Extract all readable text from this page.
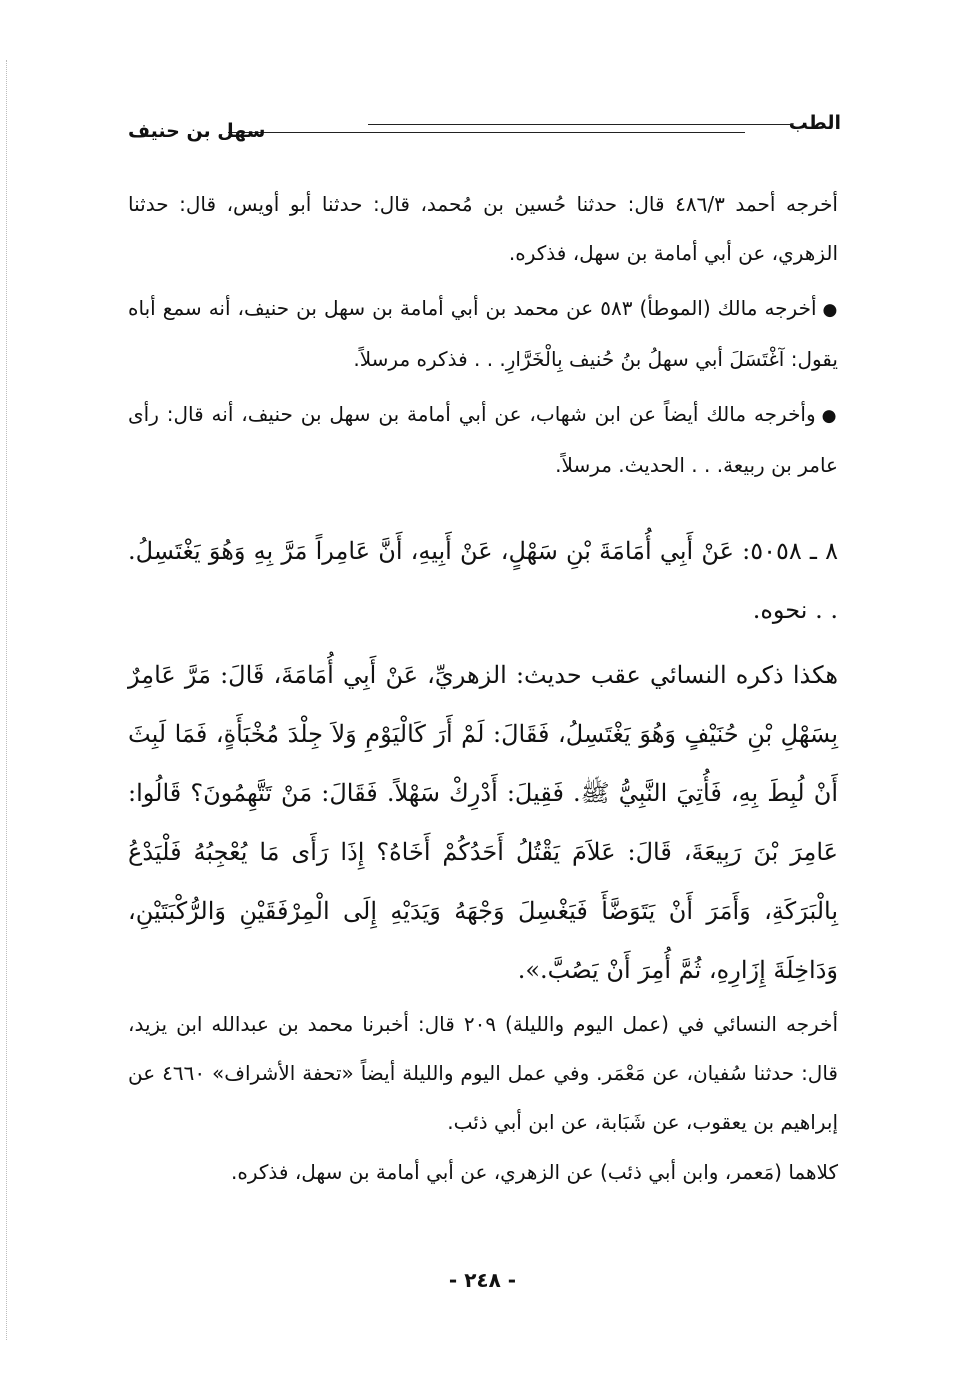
الطب
سهل بن حنيف
أخرجه أحمد ٤٨٦/٣ قال: حدثنا حُسين بن مُحمد، قال: حدثنا أبو أويس، قال: حدثنا الزهري، عن أبي أمامة بن سهل، فذكره.
●أخرجه مالك (الموطأ) ٥٨٣ عن محمد بن أبي أمامة بن سهل بن حنيف، أنه سمع أباه يقول: آغْتَسَلَ أبي سهلُ بنُ حُنيف بِالْخَرَّارِ. . . فذكره مرسلاً.
●وأخرجه مالك أيضاً عن ابن شهاب، عن أبي أمامة بن سهل بن حنيف، أنه قال: رأى عامر بن ربيعة. . . الحديث. مرسلاً.
٨ ـ ٥٠٥٨: عَنْ أَبِي أُمَامَةَ بْنِ سَهْلٍ، عَنْ أَبِيهِ، أَنَّ عَامِراً مَرَّ بِهِ وَهُوَ يَغْتَسِلُ. . . نحوه.
هكذا ذكره النسائي عقب حديث: الزهريِّ، عَنْ أَبِي أُمَامَةَ، قَالَ: مَرَّ عَامِرٌ بِسَهْلِ بْنِ حُنَيْفٍ وَهُوَ يَغْتَسِلُ، فَقَالَ: لَمْ أَرَ كَالْيَوْمِ وَلاَ جِلْدَ مُخْبَأَةٍ، فَمَا لَبِثَ أَنْ لُبِطَ بِهِ، فَأُتِيَ النَّبِيُّ ﷺ. فَقِيلَ: أَدْرِكْ سَهْلاً. فَقَالَ: مَنْ تَتَّهِمُونَ؟ قَالُوا: عَامِرَ بْنَ رَبِيعَةَ، قَالَ: عَلاَمَ يَقْتُلُ أَحَدُكُمْ أَخَاهُ؟ إِذَا رَأَى مَا يُعْجِبُهُ فَلْيَدْعُ بِالْبَرَكَةِ، وَأَمَرَ أَنْ يَتَوَضَّأَ فَيَغْسِلَ وَجْهَهُ وَيَدَيْهِ إِلَى الْمِرْفَقَيْنِ وَالرُّكْبَتَيْنِ، وَدَاخِلَةَ إِزَارِهِ، ثُمَّ أُمِرَ أَنْ يَصُبَّ.».
أخرجه النسائي في (عمل اليوم والليلة) ٢٠٩ قال: أخبرنا محمد بن عبدالله ابن يزيد، قال: حدثنا سُفيان، عن مَعْمَر. وفي عمل اليوم والليلة أيضاً «تحفة الأشراف» ٤٦٦٠ عن إبراهيم بن يعقوب، عن شَبَابة، عن ابن أبي ذئب.
كلاهما (مَعمر، وابن أبي ذئب) عن الزهري، عن أبي أمامة بن سهل، فذكره.
- ٢٤٨ -
